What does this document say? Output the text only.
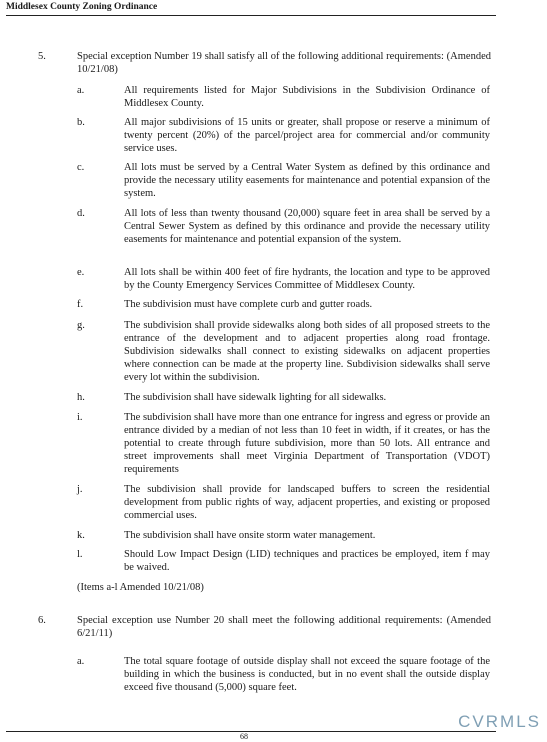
Middlesex County Zoning Ordinance
5.	Special exception Number 19 shall satisfy all of the following additional requirements: (Amended 10/21/08)
a.	All requirements listed for Major Subdivisions in the Subdivision Ordinance of Middlesex County.
b.	All major subdivisions of 15 units or greater, shall propose or reserve a minimum of twenty percent (20%) of the parcel/project area for commercial and/or community service uses.
c.	All lots must be served by a Central Water System as defined by this ordinance and provide the necessary utility easements for maintenance and potential expansion of the system.
d.	All lots of less than twenty thousand (20,000) square feet in area shall be served by a Central Sewer System as defined by this ordinance and provide the necessary utility easements for maintenance and potential expansion of the system.
e.	All lots shall be within 400 feet of fire hydrants, the location and type to be approved by the County Emergency Services Committee of Middlesex County.
f.	The subdivision must have complete curb and gutter roads.
g.	The subdivision shall provide sidewalks along both sides of all proposed streets to the entrance of the development and to adjacent properties along road frontage. Subdivision sidewalks shall connect to existing sidewalks on adjacent properties where connection can be made at the property line. Subdivision sidewalks shall serve every lot within the subdivision.
h.	The subdivision shall have sidewalk lighting for all sidewalks.
i.	The subdivision shall have more than one entrance for ingress and egress or provide an entrance divided by a median of not less than 10 feet in width, if it creates, or has the potential to create through future subdivision, more than 50 lots. All entrance and street improvements shall meet Virginia Department of Transportation (VDOT) requirements
j.	The subdivision shall provide for landscaped buffers to screen the residential development from public rights of way, adjacent properties, and existing or proposed commercial uses.
k.	The subdivision shall have onsite storm water management.
l.	Should Low Impact Design (LID) techniques and practices be employed, item f may be waived.
(Items a-l Amended 10/21/08)
6.	Special exception use Number 20 shall meet the following additional requirements: (Amended 6/21/11)
a.	The total square footage of outside display shall not exceed the square footage of the building in which the business is conducted, but in no event shall the outside display exceed five thousand (5,000) square feet.
CVRMLS
68
